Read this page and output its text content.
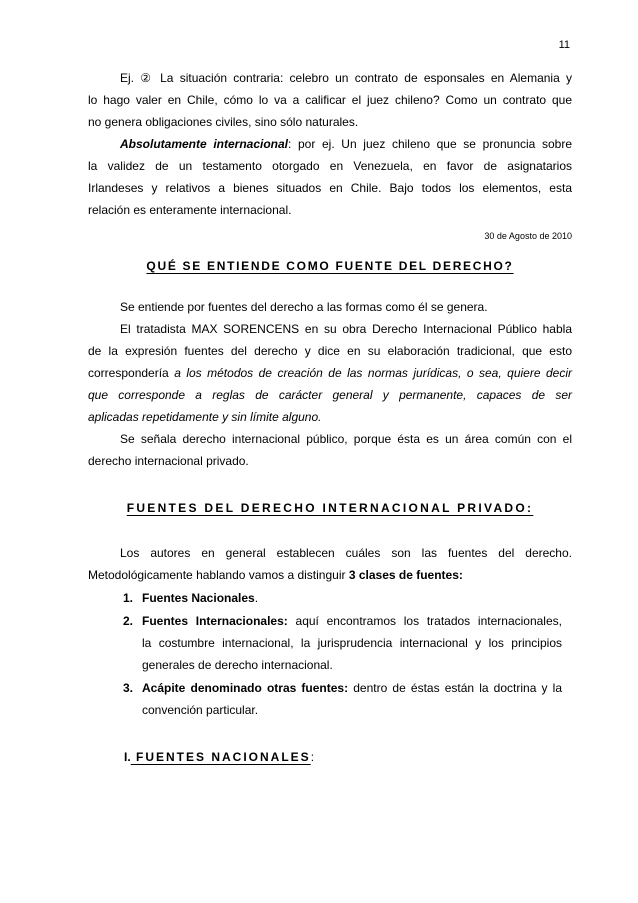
11
Ej. ② La situación contraria: celebro un contrato de esponsales en Alemania y
lo hago valer en Chile, cómo lo va a calificar el juez chileno? Como un contrato que
no genera obligaciones civiles, sino sólo naturales.
Absolutamente internacional: por ej. Un juez chileno que se pronuncia sobre
la validez de un testamento otorgado en Venezuela, en favor de asignatarios
Irlandeses y relativos a bienes situados en Chile. Bajo todos los elementos, esta
relación es enteramente internacional.
30 de Agosto de 2010
QUÉ SE ENTIENDE COMO FUENTE DEL DERECHO?
Se entiende por fuentes del derecho a las formas como él se genera.
El tratadista MAX SORENCENS en su obra Derecho Internacional Público habla
de la expresión fuentes del derecho y dice en su elaboración tradicional, que esto
correspondería a los métodos de creación de las normas jurídicas, o sea, quiere decir
que corresponde a reglas de carácter general y permanente, capaces de ser
aplicadas repetidamente y sin límite alguno.
Se señala derecho internacional público, porque ésta es un área común con el
derecho internacional privado.
FUENTES DEL DERECHO INTERNACIONAL PRIVADO:
Los autores en general establecen cuáles son las fuentes del derecho.
Metodológicamente hablando vamos a distinguir 3 clases de fuentes:
1. Fuentes Nacionales.
2. Fuentes Internacionales: aquí encontramos los tratados internacionales,
la costumbre internacional, la jurisprudencia internacional y los principios
generales de derecho internacional.
3. Acápite denominado otras fuentes: dentro de éstas están la doctrina y la
convención particular.
I. FUENTES NACIONALES:
